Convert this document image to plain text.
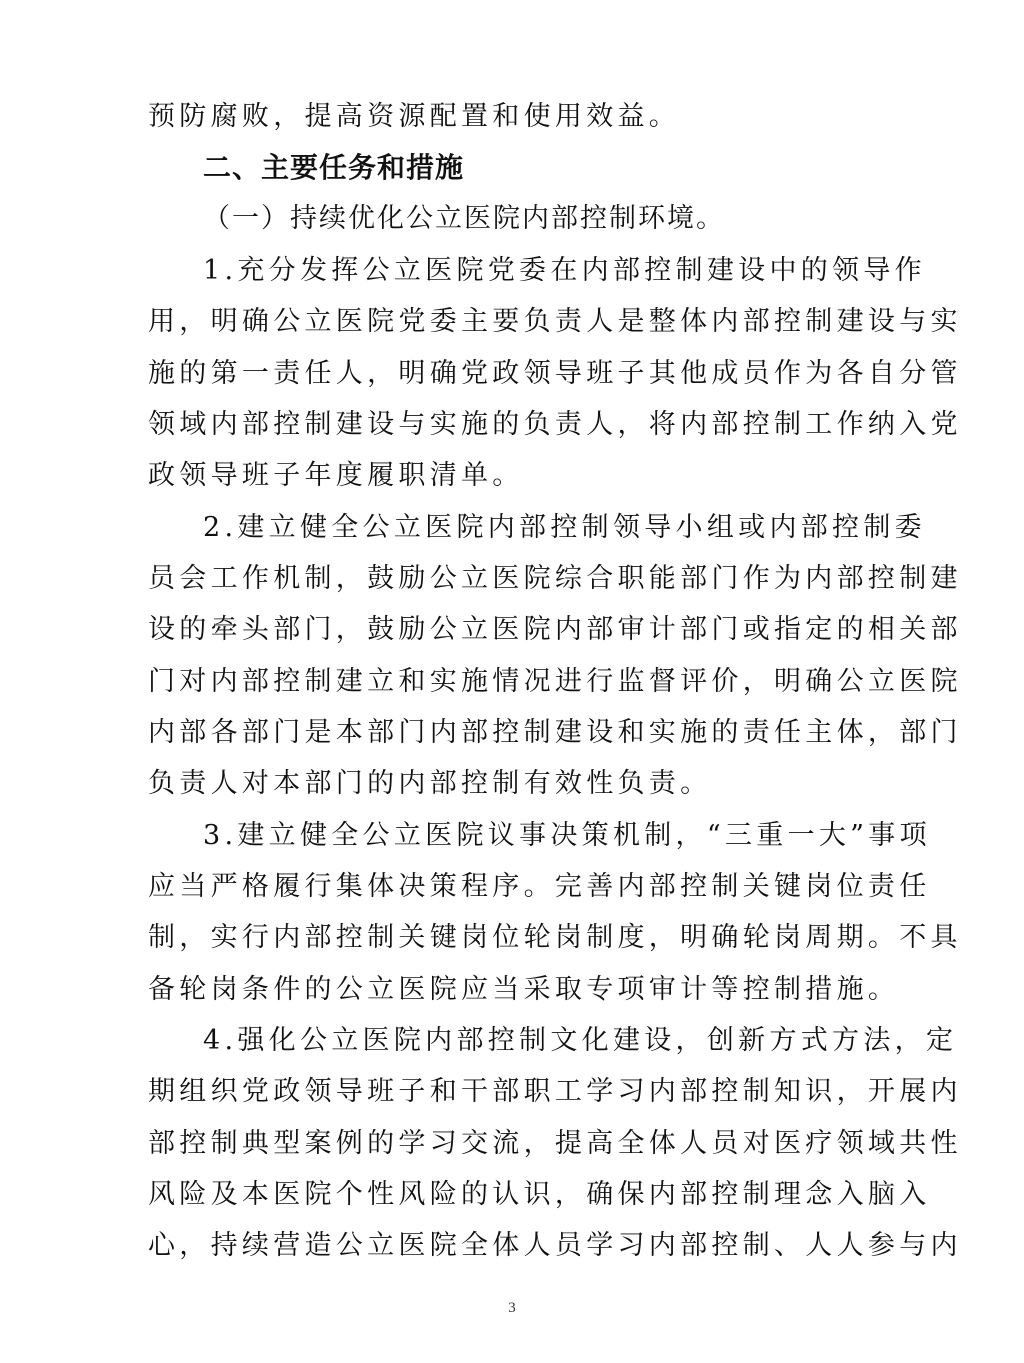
预防腐败，提高资源配置和使用效益。
二、主要任务和措施
（一）持续优化公立医院内部控制环境。
1.充分发挥公立医院党委在内部控制建设中的领导作
用，明确公立医院党委主要负责人是整体内部控制建设与实
施的第一责任人，明确党政领导班子其他成员作为各自分管
领域内部控制建设与实施的负责人，将内部控制工作纳入党
政领导班子年度履职清单。
2.建立健全公立医院内部控制领导小组或内部控制委
员会工作机制，鼓励公立医院综合职能部门作为内部控制建
设的牵头部门，鼓励公立医院内部审计部门或指定的相关部
门对内部控制建立和实施情况进行监督评价，明确公立医院
内部各部门是本部门内部控制建设和实施的责任主体，部门
负责人对本部门的内部控制有效性负责。
3.建立健全公立医院议事决策机制，“三重一大”事项
应当严格履行集体决策程序。完善内部控制关键岗位责任
制，实行内部控制关键岗位轮岗制度，明确轮岗周期。不具
备轮岗条件的公立医院应当采取专项审计等控制措施。
4.强化公立医院内部控制文化建设，创新方式方法，定
期组织党政领导班子和干部职工学习内部控制知识，开展内
部控制典型案例的学习交流，提高全体人员对医疗领域共性
风险及本医院个性风险的认识，确保内部控制理念入脑入
心，持续营造公立医院全体人员学习内部控制、人人参与内
3
